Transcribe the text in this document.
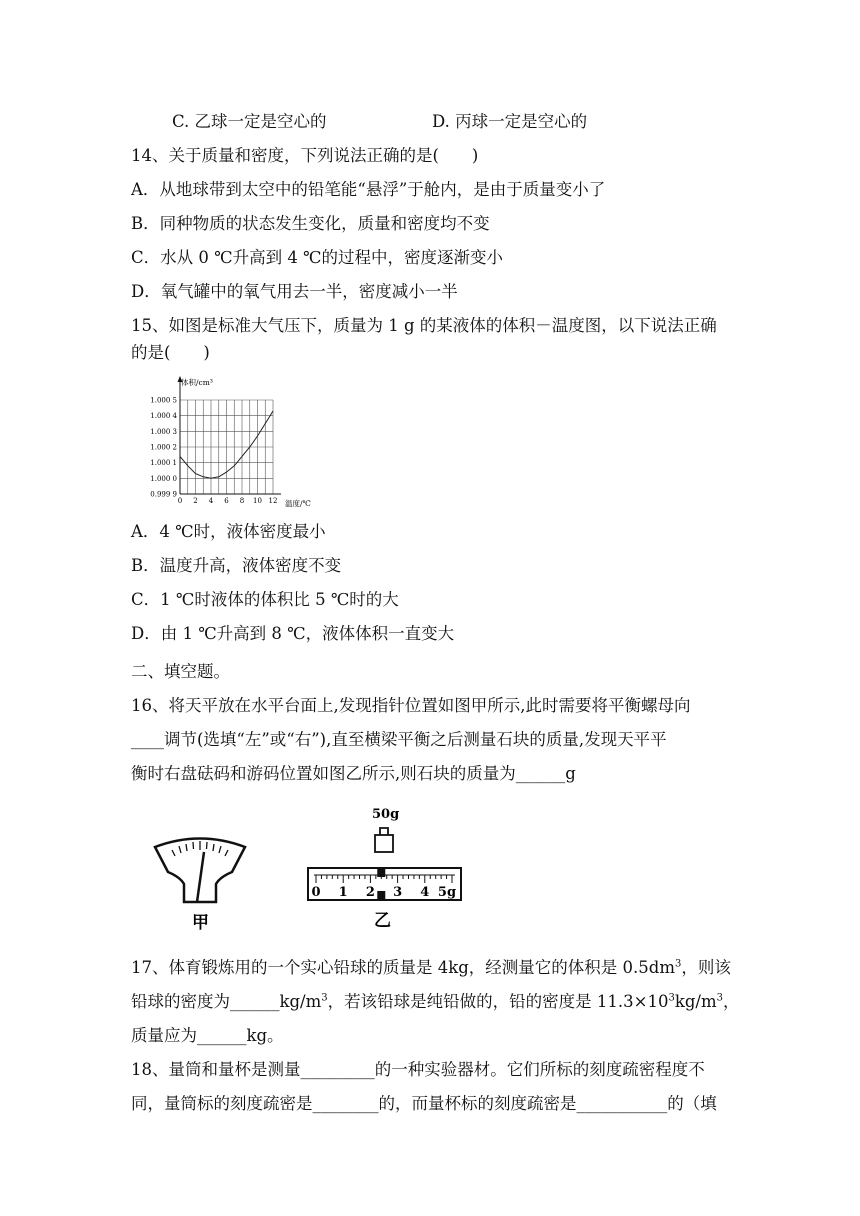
C. 乙球一定是空心的	D. 丙球一定是空心的
14、关于质量和密度，下列说法正确的是(　　)
A．从地球带到太空中的铅笔能“悬浮”于舱内，是由于质量变小了
B．同种物质的状态发生变化，质量和密度均不变
C．水从 0 ℃升高到 4 ℃的过程中，密度逐渐变小
D．氧气罐中的氧气用去一半，密度减小一半
15、如图是标准大气压下，质量为 1 g 的某液体的体积－温度图，以下说法正确
的是(　　)
0.999 9
1.000 0
1.000 1
1.000 2
1.000 3
1.000 4
1.000 5
0 2 4 6 8 10 12
体积/cm³
温度/℃
A．4 ℃时，液体密度最小
B．温度升高，液体密度不变
C．1 ℃时液体的体积比 5 ℃时的大
D．由 1 ℃升高到 8 ℃，液体体积一直变大
二、填空题。
16、将天平放在水平台面上,发现指针位置如图甲所示,此时需要将平衡螺母向
____调节(选填“左”或“右”),直至横梁平衡之后测量石块的质量,发现天平平
衡时右盘砝码和游码位置如图乙所示,则石块的质量为______g
甲
50g
0 1 2 3 4 5g
乙
17、体育锻炼用的一个实心铅球的质量是 4kg，经测量它的体积是 $0.5dm^3$，则该
铅球的密度为$\_\_\_\_\_\_kg/m^3$，若该铅球是纯铅做的，铅的密度是 $11.3\times 10^3kg/m^3$，
质量应为______kg。
18、量筒和量杯是测量_________的一种实验器材。它们所标的刻度疏密程度不
同，量筒标的刻度疏密是________的，而量杯标的刻度疏密是___________的（填
